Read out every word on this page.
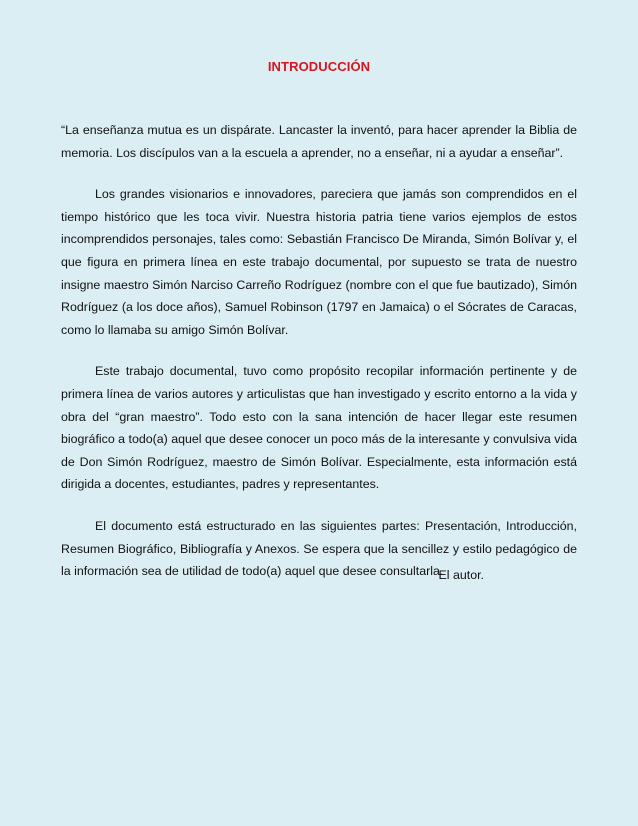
INTRODUCCIÓN

“La enseñanza mutua es un dispárate. Lancaster la inventó, para hacer aprender la Biblia de memoria. Los discípulos van a la escuela a aprender, no a enseñar, ni a ayudar a enseñar”.

Los grandes visionarios e innovadores, pareciera que jamás son comprendidos en el tiempo histórico que les toca vivir. Nuestra historia patria tiene varios ejemplos de estos incomprendidos personajes, tales como: Sebastián Francisco De Miranda, Simón Bolívar y, el que figura en primera línea en este trabajo documental, por supuesto se trata de nuestro insigne maestro Simón Narciso Carreño Rodríguez (nombre con el que fue bautizado), Simón Rodríguez (a los doce años), Samuel Robinson (1797 en Jamaica) o el Sócrates de Caracas, como lo llamaba su amigo Simón Bolívar.

Este trabajo documental, tuvo como propósito recopilar información pertinente y de primera línea de varios autores y articulistas que han investigado y escrito entorno a la vida y obra del “gran maestro”. Todo esto con la sana intención de hacer llegar este resumen biográfico a todo(a) aquel que desee conocer un poco más de la interesante y convulsiva vida de Don Simón Rodríguez, maestro de Simón Bolívar. Especialmente, esta información está dirigida a docentes, estudiantes, padres y representantes.

El documento está estructurado en las siguientes partes: Presentación, Introducción, Resumen Biográfico, Bibliografía y Anexos. Se espera que la sencillez y estilo pedagógico de la información sea de utilidad de todo(a) aquel que desee consultarla.

El autor.
